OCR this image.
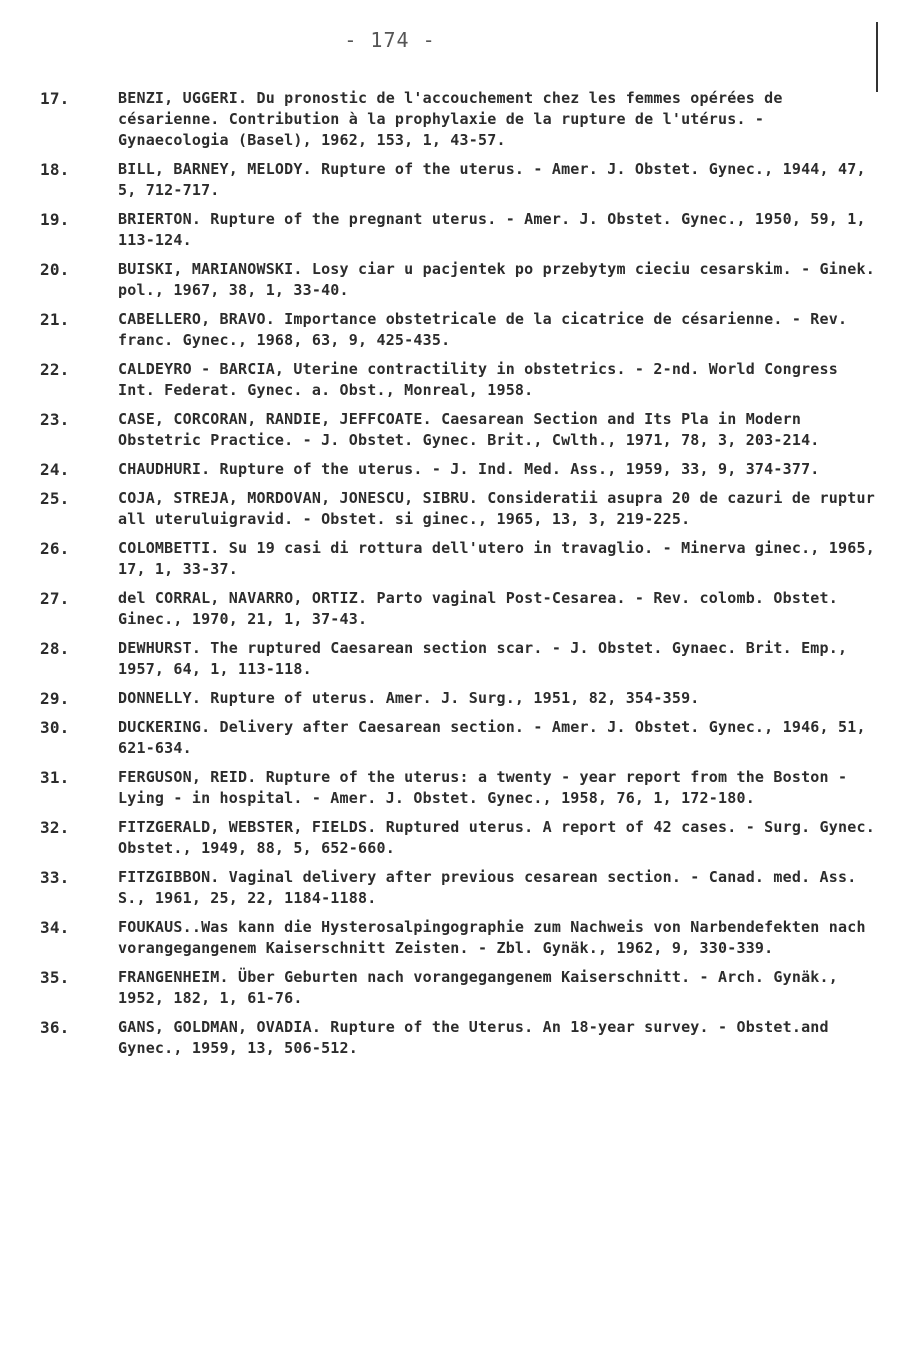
- 174 -
17.	BENZI, UGGERI. Du pronostic de l'accouchement chez les femmes opérées de césarienne. Contribution à la prophylaxie de la rupture de l'utérus. - Gynaecologia (Basel), 1962, 153, 1, 43-57.
18.	BILL, BARNEY, MELODY. Rupture of the uterus. - Amer. J. Obstet. Gynec., 1944, 47, 5, 712-717.
19.	BRIERTON. Rupture of the pregnant uterus. - Amer. J. Obstet. Gynec., 1950, 59, 1, 113-124.
20.	BUISKI, MARIANOWSKI. Losy ciar u pacjentek po przebytym cieciu cesarskim. - Ginek. pol., 1967, 38, 1, 33-40.
21.	CABELLERO, BRAVO. Importance obstetricale de la cicatrice de césarienne. - Rev. franc. Gynec., 1968, 63, 9, 425-435.
22.	CALDEYRO - BARCIA, Uterine contractility in obstetrics. - 2-nd. World Congress Int. Federat. Gynec. a. Obst., Monreal, 1958.
23.	CASE, CORCORAN, RANDIE, JEFFCOATE. Caesarean Section and Its Pla in Modern Obstetric Practice. - J. Obstet. Gynec. Brit., Cwlth., 1971, 78, 3, 203-214.
24.	CHAUDHURI. Rupture of the uterus. - J. Ind. Med. Ass., 1959, 33, 9, 374-377.
25.	COJA, STREJA, MORDOVAN, JONESCU, SIBRU. Consideratii asupra 20 de cazuri de ruptur all uteruluigravid. - Obstet. si ginec., 1965, 13, 3, 219-225.
26.	COLOMBETTI. Su 19 casi di rottura dell'utero in travaglio. - Minerva ginec., 1965, 17, 1, 33-37.
27.	del CORRAL, NAVARRO, ORTIZ. Parto vaginal Post-Cesarea. - Rev. colomb. Obstet. Ginec., 1970, 21, 1, 37-43.
28.	DEWHURST. The ruptured Caesarean section scar. - J. Obstet. Gynaec. Brit. Emp., 1957, 64, 1, 113-118.
29.	DONNELLY. Rupture of uterus. Amer. J. Surg., 1951, 82, 354-359.
30.	DUCKERING. Delivery after Caesarean section. - Amer. J. Obstet. Gynec., 1946, 51, 621-634.
31.	FERGUSON, REID. Rupture of the uterus: a twenty - year report from the Boston - Lying - in hospital. - Amer. J. Obstet. Gynec., 1958, 76, 1, 172-180.
32.	FITZGERALD, WEBSTER, FIELDS. Ruptured uterus. A report of 42 cases. - Surg. Gynec. Obstet., 1949, 88, 5, 652-660.
33.	FITZGIBBON. Vaginal delivery after previous cesarean section. - Canad. med. Ass. S., 1961, 25, 22, 1184-1188.
34.	FOUKAUS..Was kann die Hysterosalpingographie zum Nachweis von Narbendefekten nach vorangegangenem Kaiserschnitt Zeisten. - Zbl. Gynäk., 1962, 9, 330-339.
35.	FRANGENHEIM. Über Geburten nach vorangegangenem Kaiserschnitt. - Arch. Gynäk., 1952, 182, 1, 61-76.
36.	GANS, GOLDMAN, OVADIA. Rupture of the Uterus. An 18-year survey. - Obstet.and Gynec., 1959, 13, 506-512.
